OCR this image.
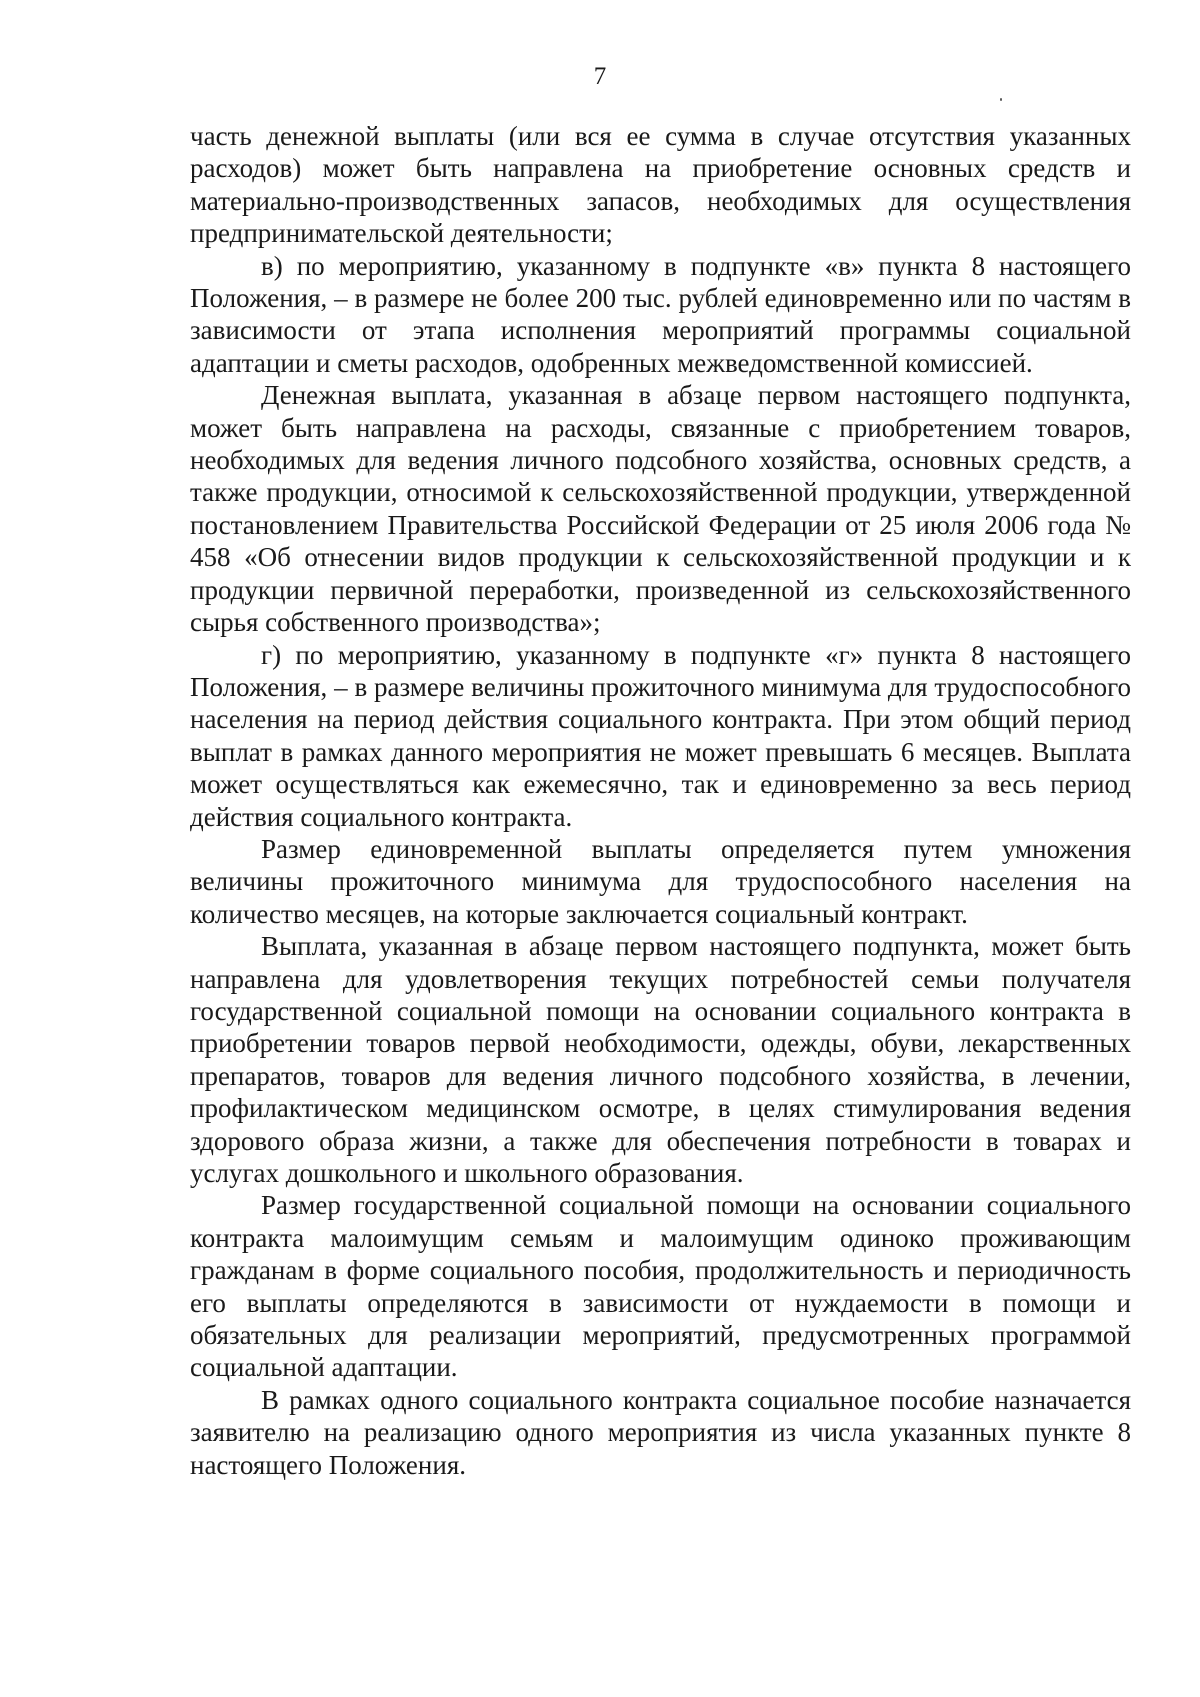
7

часть денежной выплаты (или вся ее сумма в случае отсутствия указанных расходов) может быть направлена на приобретение основных средств и материально-производственных запасов, необходимых для осуществления предпринимательской деятельности;

в) по мероприятию, указанному в подпункте «в» пункта 8 настоящего Положения, – в размере не более 200 тыс. рублей единовременно или по частям в зависимости от этапа исполнения мероприятий программы социальной адаптации и сметы расходов, одобренных межведомственной комиссией.

Денежная выплата, указанная в абзаце первом настоящего подпункта, может быть направлена на расходы, связанные с приобретением товаров, необходимых для ведения личного подсобного хозяйства, основных средств, а также продукции, относимой к сельскохозяйственной продукции, утвержденной постановлением Правительства Российской Федерации от 25 июля 2006 года № 458 «Об отнесении видов продукции к сельскохозяйственной продукции и к продукции первичной переработки, произведенной из сельскохозяйственного сырья собственного производства»;

г) по мероприятию, указанному в подпункте «г» пункта 8 настоящего Положения, – в размере величины прожиточного минимума для трудоспособного населения на период действия социального контракта. При этом общий период выплат в рамках данного мероприятия не может превышать 6 месяцев. Выплата может осуществляться как ежемесячно, так и единовременно за весь период действия социального контракта.

Размер единовременной выплаты определяется путем умножения величины прожиточного минимума для трудоспособного населения на количество месяцев, на которые заключается социальный контракт.

Выплата, указанная в абзаце первом настоящего подпункта, может быть направлена для удовлетворения текущих потребностей семьи получателя государственной социальной помощи на основании социального контракта в приобретении товаров первой необходимости, одежды, обуви, лекарственных препаратов, товаров для ведения личного подсобного хозяйства, в лечении, профилактическом медицинском осмотре, в целях стимулирования ведения здорового образа жизни, а также для обеспечения потребности в товарах и услугах дошкольного и школьного образования.

Размер государственной социальной помощи на основании социального контракта малоимущим семьям и малоимущим одиноко проживающим гражданам в форме социального пособия, продолжительность и периодичность его выплаты определяются в зависимости от нуждаемости в помощи и обязательных для реализации мероприятий, предусмотренных программой социальной адаптации.

В рамках одного социального контракта социальное пособие назначается заявителю на реализацию одного мероприятия из числа указанных пункте 8 настоящего Положения.
